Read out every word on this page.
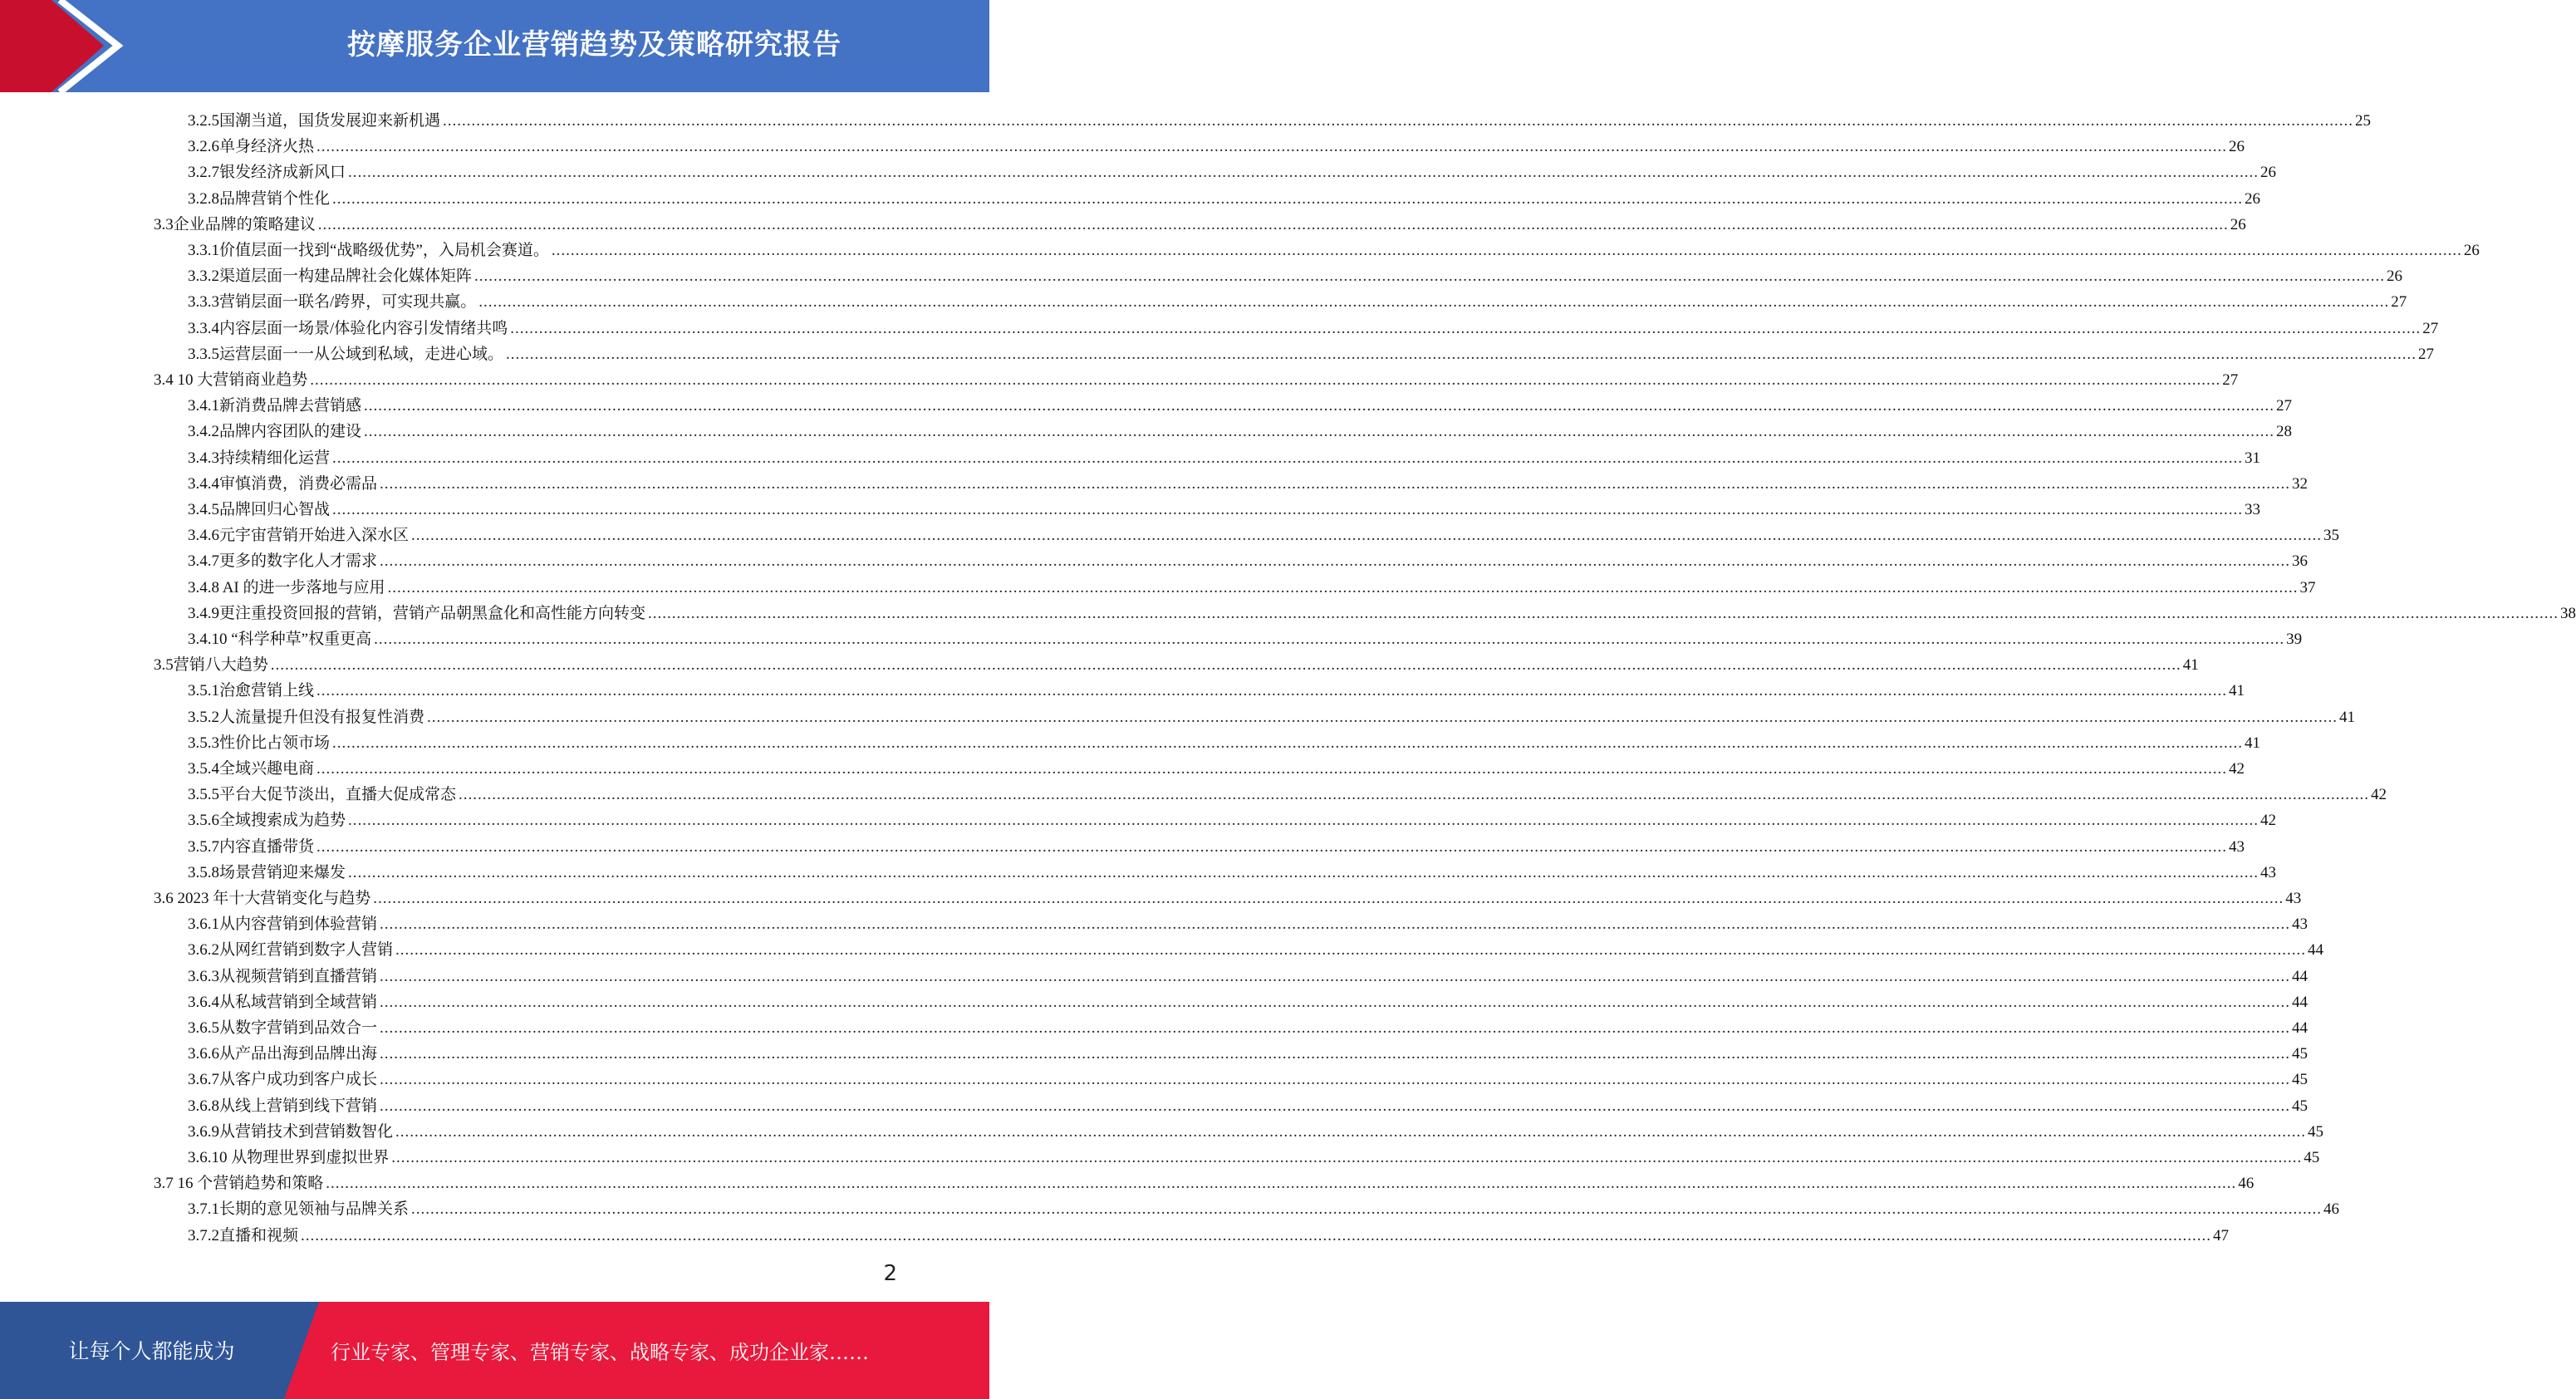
按摩服务企业营销趋势及策略研究报告
3.2.5 国潮当道，国货发展迎来新机遇 ................................................................................................................................................................................................................................................................................................................................................................................................................ 25
3.2.6 单身经济火热 ................................................................................................................................................................................................................................................................................................................................................................................................................ 26
3.2.7 银发经济成新风口 ................................................................................................................................................................................................................................................................................................................................................................................................................ 26
3.2.8 品牌营销个性化 ................................................................................................................................................................................................................................................................................................................................................................................................................ 26
3.3 企业品牌的策略建议 ................................................................................................................................................................................................................................................................................................................................................................................................................ 26
3.3.1 价值层面一找到“战略级优势”，入局机会赛道。 ................................................................................................................................................................................................................................................................................................................................................................................................................ 26
3.3.2 渠道层面一构建品牌社会化媒体矩阵 ................................................................................................................................................................................................................................................................................................................................................................................................................ 26
3.3.3 营销层面一联名/跨界，可实现共赢。 ................................................................................................................................................................................................................................................................................................................................................................................................................ 27
3.3.4 内容层面一场景/体验化内容引发情绪共鸣 ................................................................................................................................................................................................................................................................................................................................................................................................................ 27
3.3.5 运营层面一一从公域到私域，走进心域。 ................................................................................................................................................................................................................................................................................................................................................................................................................ 27
3.4 10 大营销商业趋势 ................................................................................................................................................................................................................................................................................................................................................................................................................ 27
3.4.1 新消费品牌去营销感 ................................................................................................................................................................................................................................................................................................................................................................................................................ 27
3.4.2 品牌内容团队的建设 ................................................................................................................................................................................................................................................................................................................................................................................................................ 28
3.4.3 持续精细化运营 ................................................................................................................................................................................................................................................................................................................................................................................................................ 31
3.4.4 审慎消费，消费必需品 ................................................................................................................................................................................................................................................................................................................................................................................................................ 32
3.4.5 品牌回归心智战 ................................................................................................................................................................................................................................................................................................................................................................................................................ 33
3.4.6 元宇宙营销开始进入深水区 ................................................................................................................................................................................................................................................................................................................................................................................................................ 35
3.4.7 更多的数字化人才需求 ................................................................................................................................................................................................................................................................................................................................................................................................................ 36
3.4.8 AI 的进一步落地与应用 ................................................................................................................................................................................................................................................................................................................................................................................................................ 37
3.4.9 更注重投资回报的营销，营销产品朝黑盒化和高性能方向转变 ................................................................................................................................................................................................................................................................................................................................................................................................................ 38
3.4.10 “科学种草”权重更高 ................................................................................................................................................................................................................................................................................................................................................................................................................ 39
3.5 营销八大趋势 ................................................................................................................................................................................................................................................................................................................................................................................................................ 41
3.5.1 治愈营销上线 ................................................................................................................................................................................................................................................................................................................................................................................................................ 41
3.5.2 人流量提升但没有报复性消费 ................................................................................................................................................................................................................................................................................................................................................................................................................ 41
3.5.3 性价比占领市场 ................................................................................................................................................................................................................................................................................................................................................................................................................ 41
3.5.4 全域兴趣电商 ................................................................................................................................................................................................................................................................................................................................................................................................................ 42
3.5.5 平台大促节淡出，直播大促成常态 ................................................................................................................................................................................................................................................................................................................................................................................................................ 42
3.5.6 全域搜索成为趋势 ................................................................................................................................................................................................................................................................................................................................................................................................................ 42
3.5.7 内容直播带货 ................................................................................................................................................................................................................................................................................................................................................................................................................ 43
3.5.8 场景营销迎来爆发 ................................................................................................................................................................................................................................................................................................................................................................................................................ 43
3.6 2023 年十大营销变化与趋势 ................................................................................................................................................................................................................................................................................................................................................................................................................ 43
3.6.1 从内容营销到体验营销 ................................................................................................................................................................................................................................................................................................................................................................................................................ 43
3.6.2 从网红营销到数字人营销 ................................................................................................................................................................................................................................................................................................................................................................................................................ 44
3.6.3 从视频营销到直播营销 ................................................................................................................................................................................................................................................................................................................................................................................................................ 44
3.6.4 从私域营销到全域营销 ................................................................................................................................................................................................................................................................................................................................................................................................................ 44
3.6.5 从数字营销到品效合一 ................................................................................................................................................................................................................................................................................................................................................................................................................ 44
3.6.6 从产品出海到品牌出海 ................................................................................................................................................................................................................................................................................................................................................................................................................ 45
3.6.7 从客户成功到客户成长 ................................................................................................................................................................................................................................................................................................................................................................................................................ 45
3.6.8 从线上营销到线下营销 ................................................................................................................................................................................................................................................................................................................................................................................................................ 45
3.6.9 从营销技术到营销数智化 ................................................................................................................................................................................................................................................................................................................................................................................................................ 45
3.6.10 从物理世界到虚拟世界 ................................................................................................................................................................................................................................................................................................................................................................................................................ 45
3.7 16 个营销趋势和策略 ................................................................................................................................................................................................................................................................................................................................................................................................................ 46
3.7.1 长期的意见领袖与品牌关系 ................................................................................................................................................................................................................................................................................................................................................................................................................ 46
3.7.2 直播和视频 ................................................................................................................................................................................................................................................................................................................................................................................................................ 47
2
让每个人都能成为	行业专家、管理专家、营销专家、战略专家、成功企业家……
